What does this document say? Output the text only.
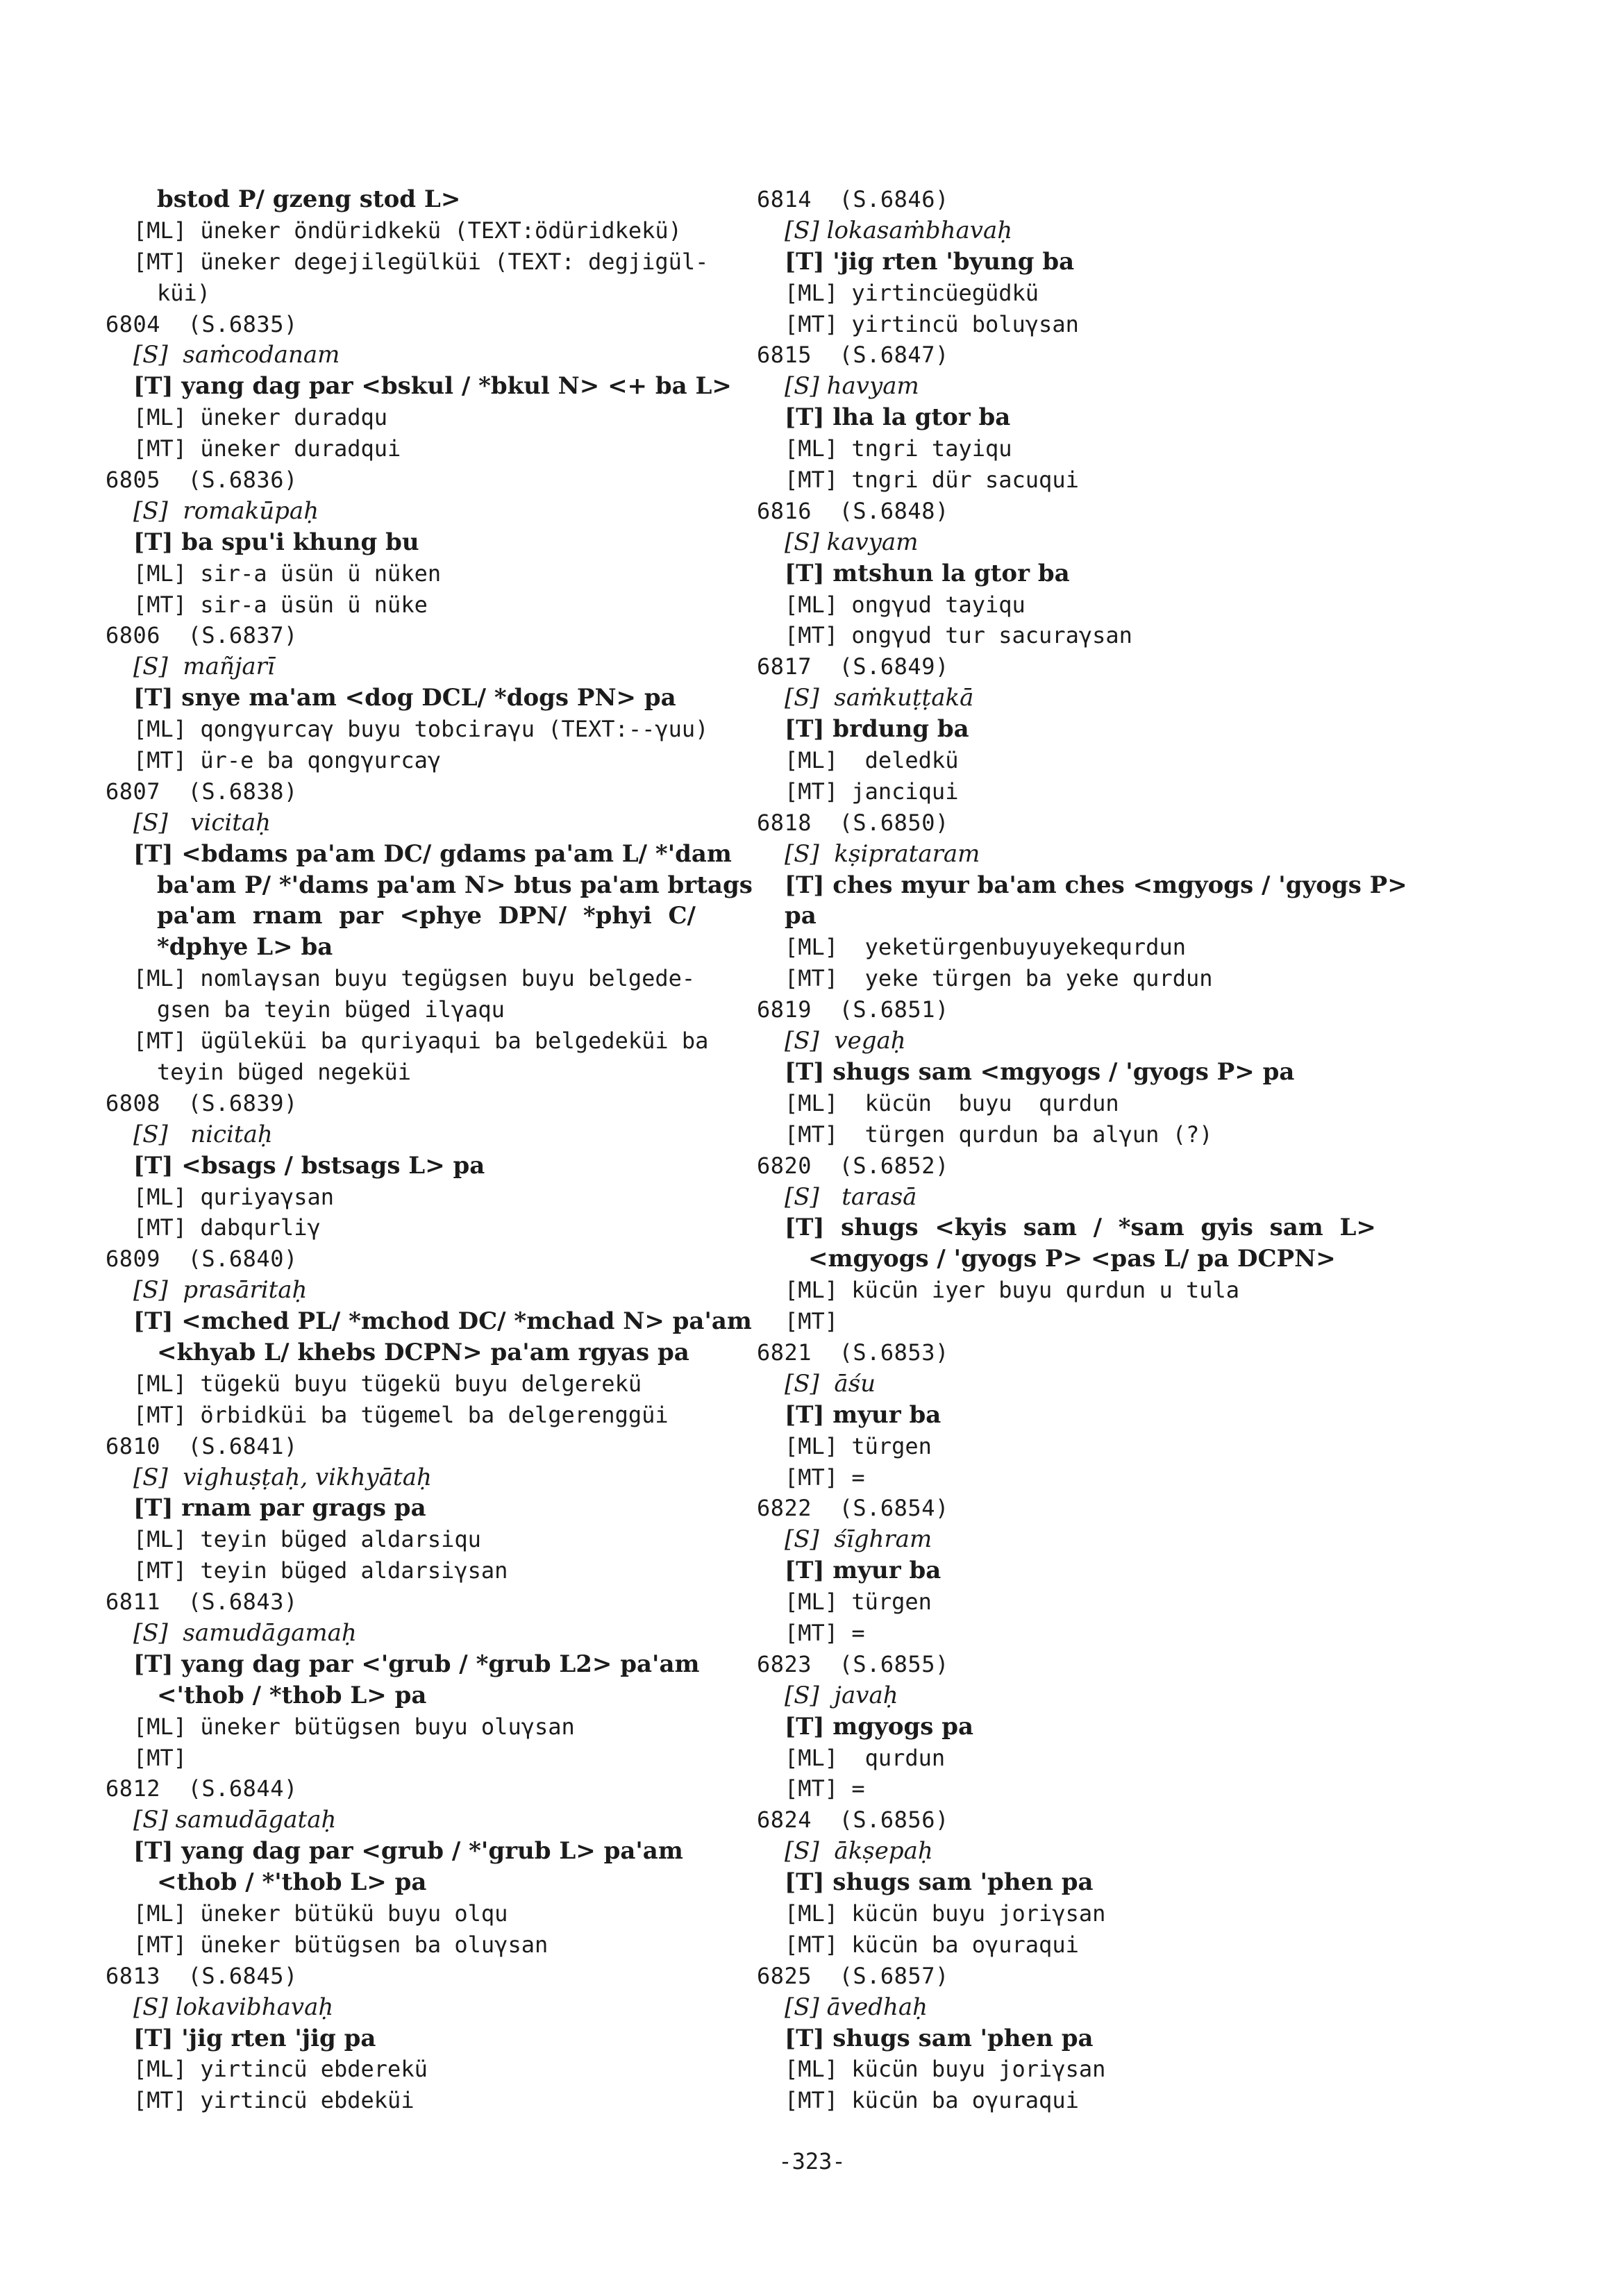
bstod P/ gzeng stod L>
[ML] üneker öndüridkekü (TEXT:ödüridkekü)
[MT] üneker degejilegülküi (TEXT: degjigül-
küi)
6804  (S.6835)
[S]  saṁcodanam
[T] yang dag par <bskul / *bkul N> <+ ba L>
[ML] üneker duradqu
[MT] üneker duradqui
6805  (S.6836)
[S]  romakūpaḥ
[T] ba spu'i khung bu
[ML] sir-a üsün ü nüken
[MT] sir-a üsün ü nüke
6806  (S.6837)
[S]  mañjarī
[T] snye ma'am <dog DCL/ *dogs PN> pa
[ML] qongγurcaγ buyu tobciraγu (TEXT:--γuu)
[MT] ür-e ba qongγurcaγ
6807  (S.6838)
[S]   vicitaḥ
[T] <bdams pa'am DC/ gdams pa'am L/ *'dam
ba'am P/ *'dams pa'am N> btus pa'am brtags
pa'am  rnam  par  <phye  DPN/  *phyi  C/
*dphye L> ba
[ML] nomlaγsan buyu tegügsen buyu belgede-
gsen ba teyin büged ilγaqu
[MT] ügüleküi ba quriyaqui ba belgedeküi ba
teyin büged negeküi
6808  (S.6839)
[S]   nicitaḥ
[T] <bsags / bstsags L> pa
[ML] quriyaγsan
[MT] dabqurliγ
6809  (S.6840)
[S]  prasāritaḥ
[T] <mched PL/ *mchod DC/ *mchad N> pa'am
<khyab L/ khebs DCPN> pa'am rgyas pa
[ML] tügekü buyu tügekü buyu delgerekü
[MT] örbidküi ba tügemel ba delgerenggüi
6810  (S.6841)
[S]  vighuṣṭaḥ, vikhyātaḥ
[T] rnam par grags pa
[ML] teyin büged aldarsiqu
[MT] teyin büged aldarsiγsan
6811  (S.6843)
[S]  samudāgamaḥ
[T] yang dag par <'grub / *grub L2> pa'am
<'thob / *thob L> pa
[ML] üneker bütügsen buyu oluγsan
[MT]
6812  (S.6844)
[S] samudāgataḥ
[T] yang dag par <grub / *'grub L> pa'am
<thob / *'thob L> pa
[ML] üneker bütükü buyu olqu
[MT] üneker bütügsen ba oluγsan
6813  (S.6845)
[S] lokavibhavaḥ
[T] 'jig rten 'jig pa
[ML] yirtincü ebderekü
[MT] yirtincü ebdeküi
6814  (S.6846)
[S] lokasaṁbhavaḥ
[T] 'jig rten 'byung ba
[ML] yirtincüegüdkü
[MT] yirtincü boluγsan
6815  (S.6847)
[S] havyam
[T] lha la gtor ba
[ML] tngri tayiqu
[MT] tngri dür sacuqui
6816  (S.6848)
[S] kavyam
[T] mtshun la gtor ba
[ML] ongγud tayiqu
[MT] ongγud tur sacuraγsan
6817  (S.6849)
[S]  saṁkuṭṭakā
[T] brdung ba
[ML]  deledkü
[MT] janciqui
6818  (S.6850)
[S]  kṣiprataram
[T] ches myur ba'am ches <mgyogs / 'gyogs P>
pa
[ML]  yeketürgenbuyuyekequrdun
[MT]  yeke türgen ba yeke qurdun
6819  (S.6851)
[S]  vegaḥ
[T] shugs sam <mgyogs / 'gyogs P> pa
[ML]  kücün  buyu  qurdun
[MT]  türgen qurdun ba alγun (?)
6820  (S.6852)
[S]   tarasā
[T]  shugs  <kyis  sam  /  *sam  gyis  sam  L>
<mgyogs / 'gyogs P> <pas L/ pa DCPN>
[ML] kücün iyer buyu qurdun u tula
[MT]
6821  (S.6853)
[S]  āśu
[T] myur ba
[ML] türgen
[MT] =
6822  (S.6854)
[S]  śīghram
[T] myur ba
[ML] türgen
[MT] =
6823  (S.6855)
[S]  javaḥ
[T] mgyogs pa
[ML]  qurdun
[MT] =
6824  (S.6856)
[S]  ākṣepaḥ
[T] shugs sam 'phen pa
[ML] kücün buyu joriγsan
[MT] kücün ba oγuraqui
6825  (S.6857)
[S] āvedhaḥ
[T] shugs sam 'phen pa
[ML] kücün buyu joriγsan
[MT] kücün ba oγuraqui
-323-
